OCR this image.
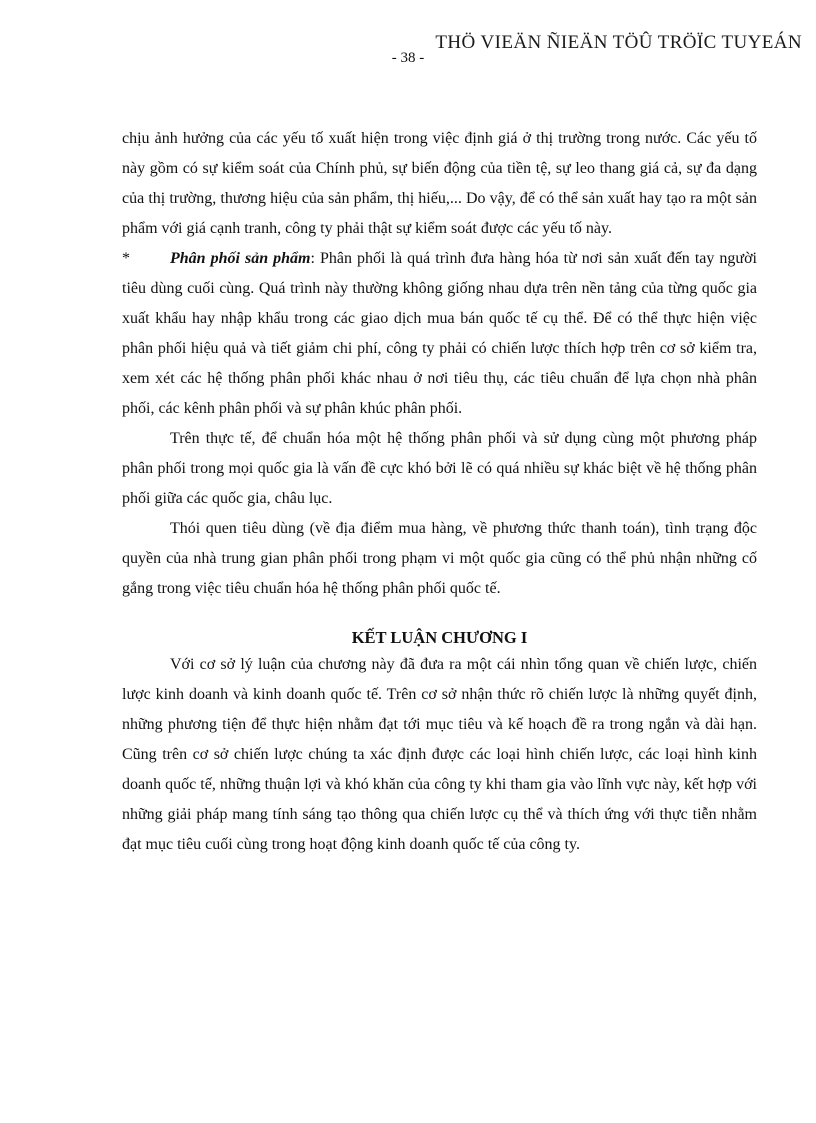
THÖ VIEÄN ÑIEÄN TÖÛ TRÖÏC TUYEÁN
- 38 -

chịu ảnh hưởng của các yếu tố xuất hiện trong việc định giá ở thị trường trong nước. Các yếu tố này gồm có sự kiểm soát của Chính phủ, sự biến động của tiền tệ, sự leo thang giá cả, sự đa dạng của thị trường, thương hiệu của sản phẩm, thị hiếu,... Do vậy, để có thể sản xuất hay tạo ra một sản phẩm với giá cạnh tranh, công ty phải thật sự kiểm soát được các yếu tố này.

*	Phân phối sản phẩm: Phân phối là quá trình đưa hàng hóa từ nơi sản xuất đến tay người tiêu dùng cuối cùng. Quá trình này thường không giống nhau dựa trên nền tảng của từng quốc gia xuất khẩu hay nhập khẩu trong các giao dịch mua bán quốc tế cụ thể. Để có thể thực hiện việc phân phối hiệu quả và tiết giảm chi phí, công ty phải có chiến lược thích hợp trên cơ sở kiểm tra, xem xét các hệ thống phân phối khác nhau ở nơi tiêu thụ, các tiêu chuẩn để lựa chọn nhà phân phối, các kênh phân phối và sự phân khúc phân phối.

Trên thực tế, để chuẩn hóa một hệ thống phân phối và sử dụng cùng một phương pháp phân phối trong mọi quốc gia là vấn đề cực khó bởi lẽ có quá nhiều sự khác biệt về hệ thống phân phối giữa các quốc gia, châu lục.

Thói quen tiêu dùng (về địa điểm mua hàng, về phương thức thanh toán), tình trạng độc quyền của nhà trung gian phân phối trong phạm vi một quốc gia cũng có thể phủ nhận những cố gắng trong việc tiêu chuẩn hóa hệ thống phân phối quốc tế.

KẾT LUẬN CHƯƠNG I

Với cơ sở lý luận của chương này đã đưa ra một cái nhìn tổng quan về chiến lược, chiến lược kinh doanh và kinh doanh quốc tế. Trên cơ sở nhận thức rõ chiến lược là những quyết định, những phương tiện để thực hiện nhằm đạt tới mục tiêu và kế hoạch đề ra trong ngắn và dài hạn. Cũng trên cơ sở chiến lược chúng ta xác định được các loại hình chiến lược, các loại hình kinh doanh quốc tế, những thuận lợi và khó khăn của công ty khi tham gia vào lĩnh vực này, kết hợp với những giải pháp mang tính sáng tạo thông qua chiến lược cụ thể và thích ứng với thực tiễn nhằm đạt mục tiêu cuối cùng trong hoạt động kinh doanh quốc tế của công ty.
